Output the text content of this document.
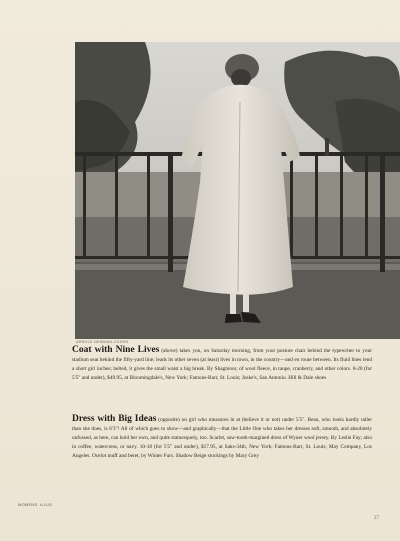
ARNOLD NEWMAN-COHEN
Coat with Nine Lives (above) takes you, on Saturday morning, from your posture chair behind the typewriter to your stadium seat behind the fifty-yard line; leads its other seven (at least) lives in town, in the country—and en route between. Its fluid lines lend a short girl inches; belted, it gives the small waist a big break. By Shagmoor, of wool fleece, in taupe, cranberry, and other colors. 8-20 (for 5'5" and under), $49.95, at Bloomingdale's, New York; Famous-Barr, St. Louis; Joske's, San Antonio. Hill & Dale shoes
Dress with Big Ideas (opposite) on girl who measures in at (believe it or not) under 5'5". Beau, who looks hardly taller than she does, is 6'3"! All of which goes to show—and graphically—that the Little One who takes her dresses soft, smooth, and absolutely unfussed, as here, can hold her own, and quite statuesquely, too. Scarlet, saw-tooth-margined dress of Wyner wool jersey. By Leslie Fay; also in coffee, watercress, or navy. 10-18 (for 5'5" and under), $17.95, at Saks-34th, New York; Famous-Barr, St. Louis; May Company, Los Angeles. Ocelot muff and beret, by Winter Furs. Shadow Beige stockings by Mary Grey
WOMENS, ILLUS
27
